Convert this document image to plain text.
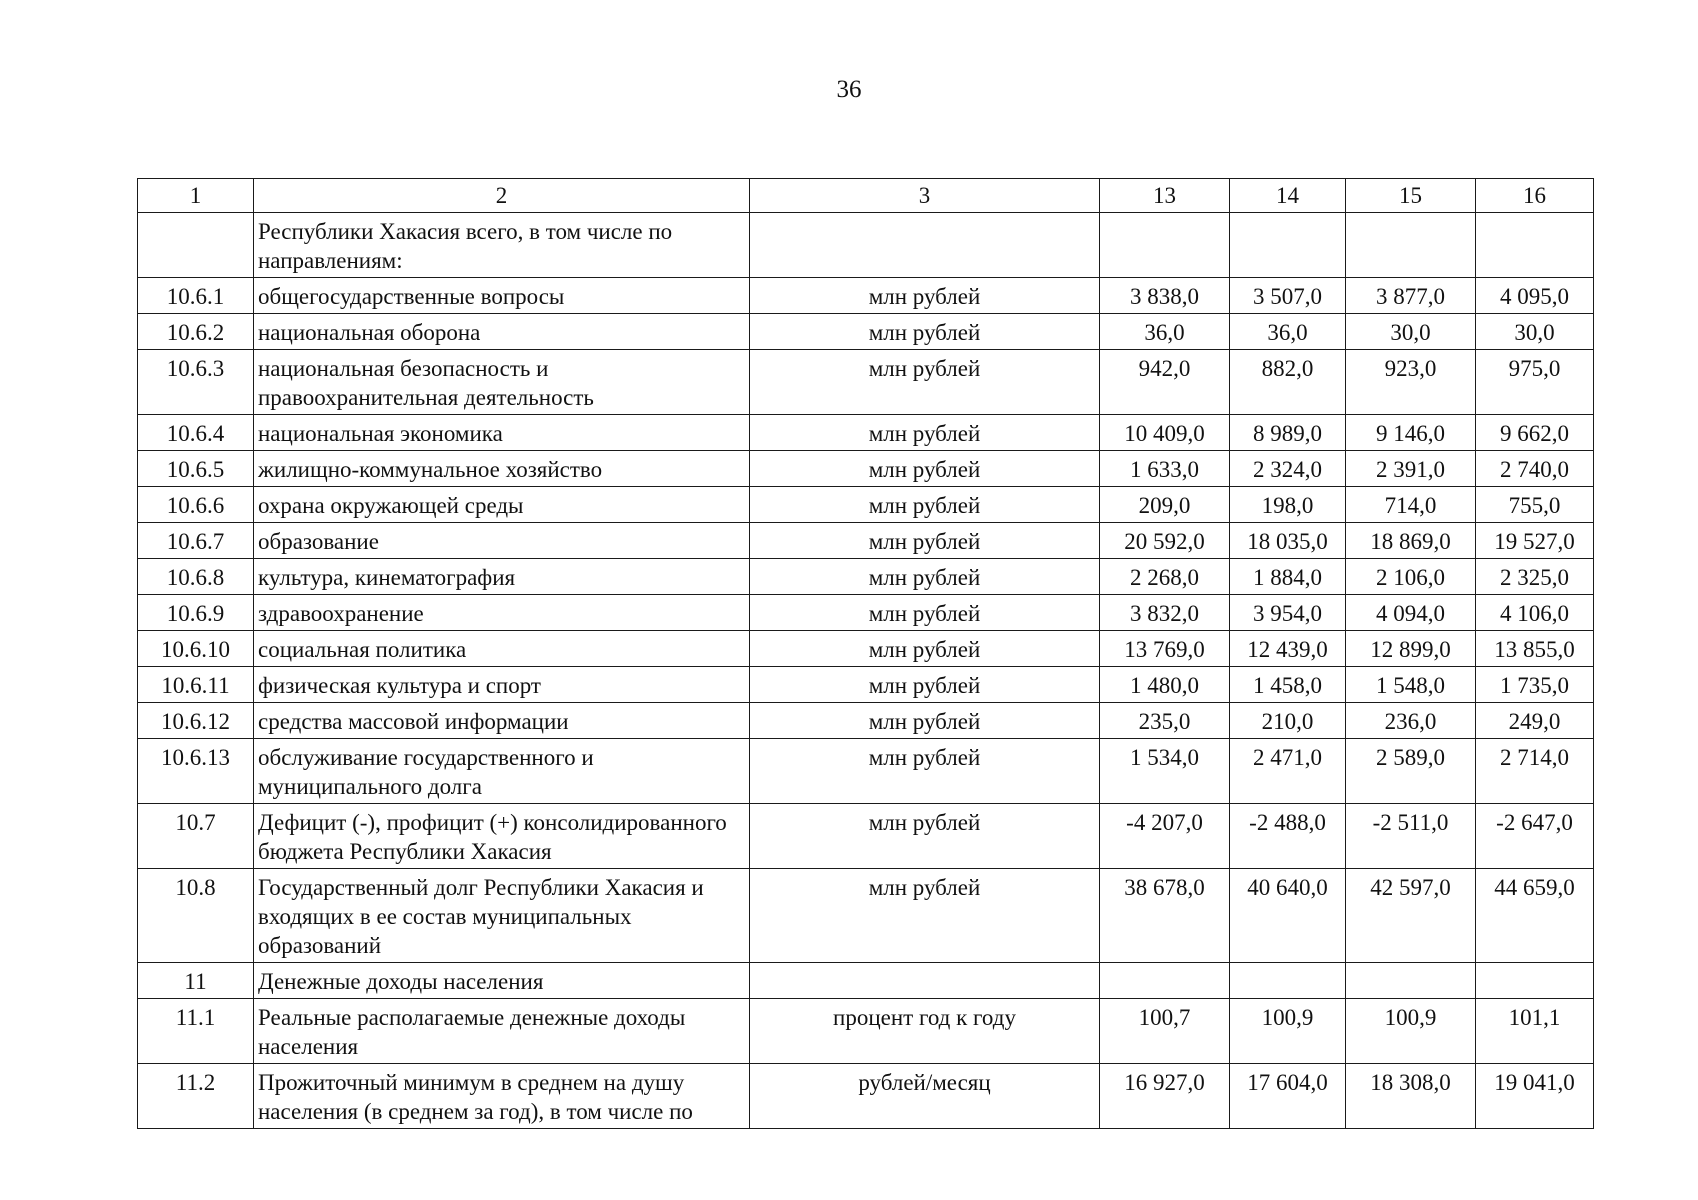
36
1	2	3	13	14	15	16
	Республики Хакасия всего, в том числе по направлениям:					
10.6.1	общегосударственные вопросы	млн рублей	3 838,0	3 507,0	3 877,0	4 095,0
10.6.2	национальная оборона	млн рублей	36,0	36,0	30,0	30,0
10.6.3	национальная безопасность и правоохранительная деятельность	млн рублей	942,0	882,0	923,0	975,0
10.6.4	национальная экономика	млн рублей	10 409,0	8 989,0	9 146,0	9 662,0
10.6.5	жилищно-коммунальное хозяйство	млн рублей	1 633,0	2 324,0	2 391,0	2 740,0
10.6.6	охрана окружающей среды	млн рублей	209,0	198,0	714,0	755,0
10.6.7	образование	млн рублей	20 592,0	18 035,0	18 869,0	19 527,0
10.6.8	культура, кинематография	млн рублей	2 268,0	1 884,0	2 106,0	2 325,0
10.6.9	здравоохранение	млн рублей	3 832,0	3 954,0	4 094,0	4 106,0
10.6.10	социальная политика	млн рублей	13 769,0	12 439,0	12 899,0	13 855,0
10.6.11	физическая культура и спорт	млн рублей	1 480,0	1 458,0	1 548,0	1 735,0
10.6.12	средства массовой информации	млн рублей	235,0	210,0	236,0	249,0
10.6.13	обслуживание государственного и муниципального долга	млн рублей	1 534,0	2 471,0	2 589,0	2 714,0
10.7	Дефицит (-), профицит (+) консолидированного бюджета Республики Хакасия	млн рублей	-4 207,0	-2 488,0	-2 511,0	-2 647,0
10.8	Государственный долг Республики Хакасия и входящих в ее состав муниципальных образований	млн рублей	38 678,0	40 640,0	42 597,0	44 659,0
11	Денежные доходы населения					
11.1	Реальные располагаемые денежные доходы населения	процент год к году	100,7	100,9	100,9	101,1
11.2	Прожиточный минимум в среднем на душу населения (в среднем за год), в том числе по	рублей/месяц	16 927,0	17 604,0	18 308,0	19 041,0
